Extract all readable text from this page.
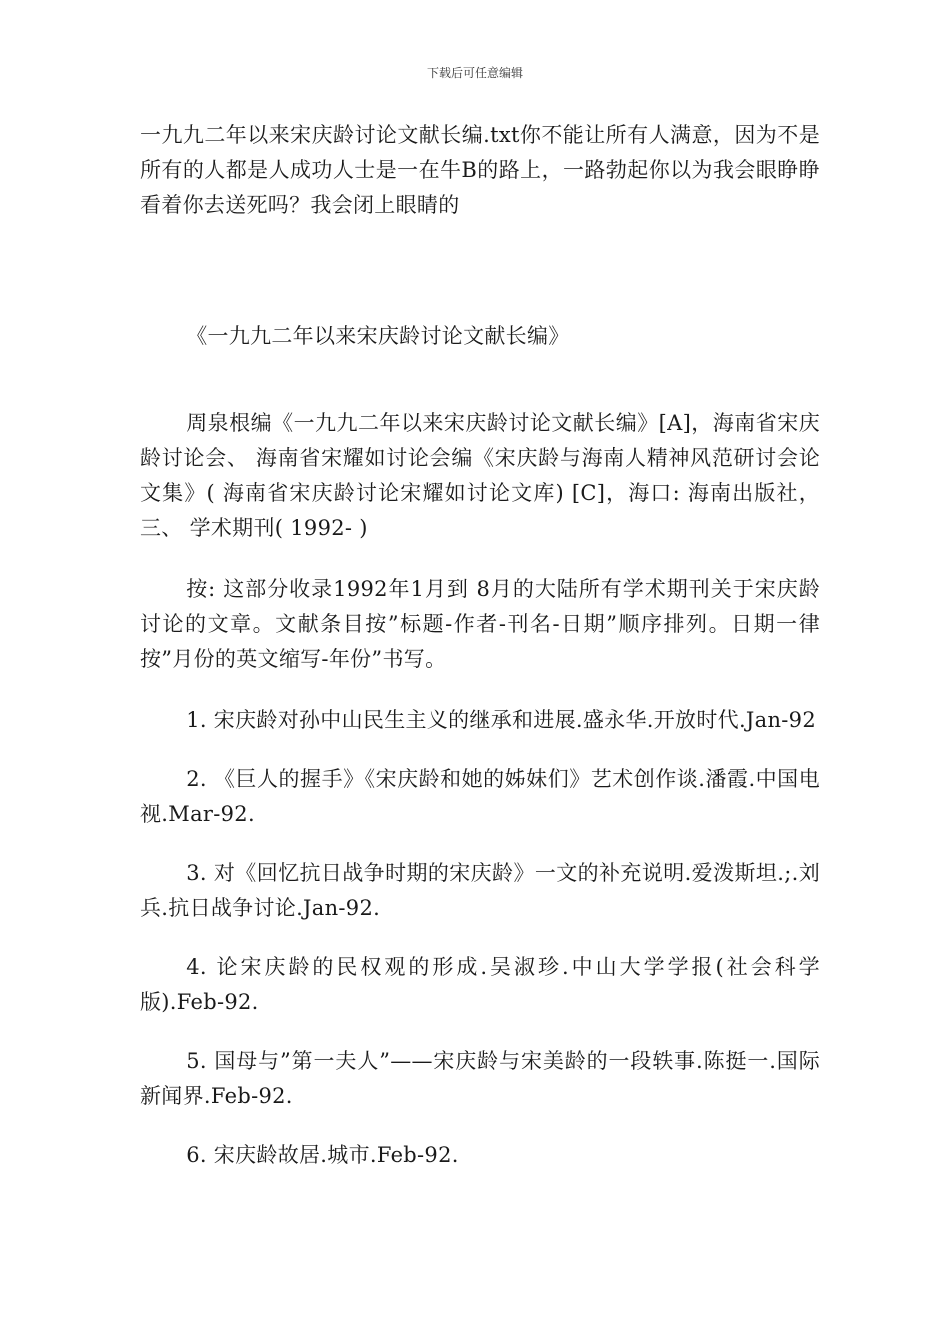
下载后可任意编辑

一九九二年以来宋庆龄讨论文献长编.txt你不能让所有人满意，因为不是所有的人都是人成功人士是一在牛B的路上，一路勃起你以为我会眼睁睁看着你去送死吗？我会闭上眼睛的

《一九九二年以来宋庆龄讨论文献长编》

周泉根编《一九九二年以来宋庆龄讨论文献长编》[A]，海南省宋庆龄讨论会、 海南省宋耀如讨论会编《宋庆龄与海南人精神风范研讨会论文集》( 海南省宋庆龄讨论宋耀如讨论文库) [C]，海口: 海南出版社， 三、 学术期刊( 1992- )

按: 这部分收录1992年1月到 8月的大陆所有学术期刊关于宋庆龄讨论的文章。文献条目按”标题-作者-刊名-日期”顺序排列。日期一律按”月份的英文缩写-年份”书写。

1. 宋庆龄对孙中山民生主义的继承和进展.盛永华.开放时代.Jan-92

2. 《巨人的握手》《宋庆龄和她的姊妹们》艺术创作谈.潘霞.中国电视.Mar-92.

3. 对《回忆抗日战争时期的宋庆龄》一文的补充说明.爱泼斯坦.;.刘兵.抗日战争讨论.Jan-92.

4. 论宋庆龄的民权观的形成.吴淑珍.中山大学学报(社会科学版).Feb-92.

5. 国母与”第一夫人”——宋庆龄与宋美龄的一段轶事.陈挺一.国际新闻界.Feb-92.

6. 宋庆龄故居.城市.Feb-92.
